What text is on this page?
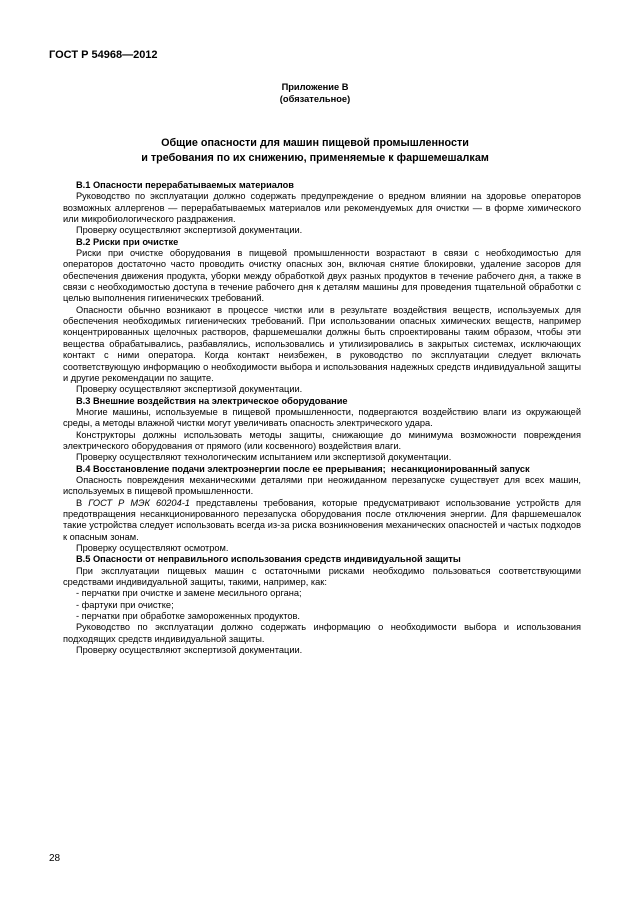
ГОСТ Р 54968—2012
Приложение В
(обязательное)
Общие опасности для машин пищевой промышленности
и требования по их снижению, применяемые к фаршемешалкам

В.1 Опасности перерабатываемых материалов

Руководство по эксплуатации должно содержать предупреждение о вредном влиянии на здоровье операторов возможных аллергенов — перерабатываемых материалов или рекомендуемых для очистки — в форме химического или микробиологического раздражения.

Проверку осуществляют экспертизой документации.

В.2 Риски при очистке

Риски при очистке оборудования в пищевой промышленности возрастают в связи с необходимостью для операторов достаточно часто проводить очистку опасных зон, включая снятие блокировки, удаление засоров для обеспечения движения продукта, уборки между обработкой двух разных продуктов в течение рабочего дня, а также в связи с необходимостью доступа в течение рабочего дня к деталям машины для проведения тщательной обработки с целью выполнения гигиенических требований.

Опасности обычно возникают в процессе чистки или в результате воздействия веществ, используемых для обеспечения необходимых гигиенических требований. При использовании опасных химических веществ, например концентрированных щелочных растворов, фаршемешалки должны быть спроектированы таким образом, чтобы эти вещества обрабатывались, разбавлялись, использовались и утилизировались в закрытых системах, исключающих контакт с ними оператора. Когда контакт неизбежен, в руководство по эксплуатации следует включать соответствующую информацию о необходимости выбора и использования надежных средств индивидуальной защиты и другие рекомендации по защите.

Проверку осуществляют экспертизой документации.

В.3 Внешние воздействия на электрическое оборудование

Многие машины, используемые в пищевой промышленности, подвергаются воздействию влаги из окружающей среды, а методы влажной чистки могут увеличивать опасность электрического удара.

Конструкторы должны использовать методы защиты, снижающие до минимума возможности повреждения электрического оборудования от прямого (или косвенного) воздействия влаги.

Проверку осуществляют технологическим испытанием или экспертизой документации.

В.4 Восстановление подачи электроэнергии после ее прерывания; несанкционированный запуск

Опасность повреждения механическими деталями при неожиданном перезапуске существует для всех машин, используемых в пищевой промышленности.

В ГОСТ Р МЭК 60204-1 представлены требования, которые предусматривают использование устройств для предотвращения несанкционированного перезапуска оборудования после отключения энергии. Для фаршемешалок такие устройства следует использовать всегда из-за риска возникновения механических опасностей и частых подходов к опасным зонам.

Проверку осуществляют осмотром.

В.5 Опасности от неправильного использования средств индивидуальной защиты

При эксплуатации пищевых машин с остаточными рисками необходимо пользоваться соответствующими средствами индивидуальной защиты, такими, например, как:

- перчатки при очистке и замене месильного органа;

- фартуки при очистке;

- перчатки при обработке замороженных продуктов.

Руководство по эксплуатации должно содержать информацию о необходимости выбора и использования подходящих средств индивидуальной защиты.

Проверку осуществляют экспертизой документации.

28
